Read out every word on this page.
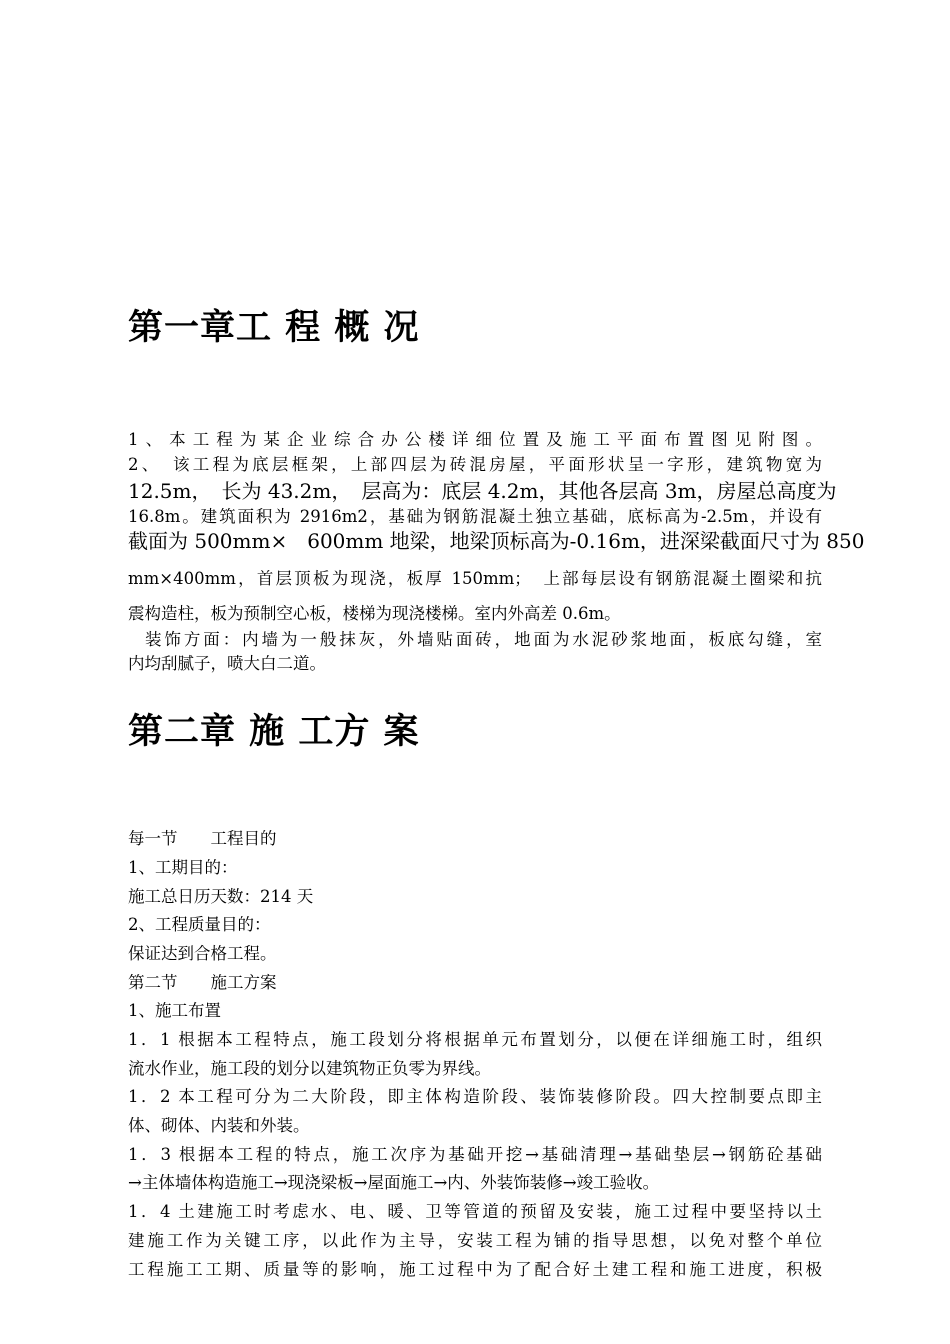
第一章工 程 概 况
1、本工程为某企业综合办公楼详细位置及施工平面布置图见附图。
2、　该工程为底层框架，上部四层为砖混房屋，平面形状呈一字形，建筑物宽为
12.5m，　长为 43.2m，　层高为：底层 4.2m，其他各层高 3m，房屋总高度为
16.8m。建筑面积为 2916m2，基础为钢筋混凝土独立基础，底标高为-2.5m，并设有
截面为 500mm×　600mm 地梁，地梁顶标高为-0.16m，进深梁截面尺寸为 850
mm×400mm，首层顶板为现浇，板厚 150mm；　上部每层设有钢筋混凝土圈梁和抗
震构造柱，板为预制空心板，楼梯为现浇楼梯。室内外高差 0.6m。
装饰方面：内墙为一般抹灰，外墙贴面砖，地面为水泥砂浆地面，板底勾缝，室
内均刮腻子，喷大白二道。
第二章 施 工方 案
每一节　　工程目的
1、工期目的：
施工总日历天数：214 天
2、工程质量目的：
保证达到合格工程。
第二节　　施工方案
1、施工布置
1．1 根据本工程特点，施工段划分将根据单元布置划分，以便在详细施工时，组织
流水作业，施工段的划分以建筑物正负零为界线。
1．2 本工程可分为二大阶段，即主体构造阶段、装饰装修阶段。四大控制要点即主
体、砌体、内装和外装。
1．3 根据本工程的特点，施工次序为基础开挖→基础清理→基础垫层→钢筋砼基础
→主体墙体构造施工→现浇梁板→屋面施工→内、外装饰装修→竣工验收。
1．4 土建施工时考虑水、电、暖、卫等管道的预留及安装，施工过程中要坚持以土
建施工作为关键工序，以此作为主导，安装工程为铺的指导思想，以免对整个单位
工程施工工期、质量等的影响，施工过程中为了配合好土建工程和施工进度，积极
